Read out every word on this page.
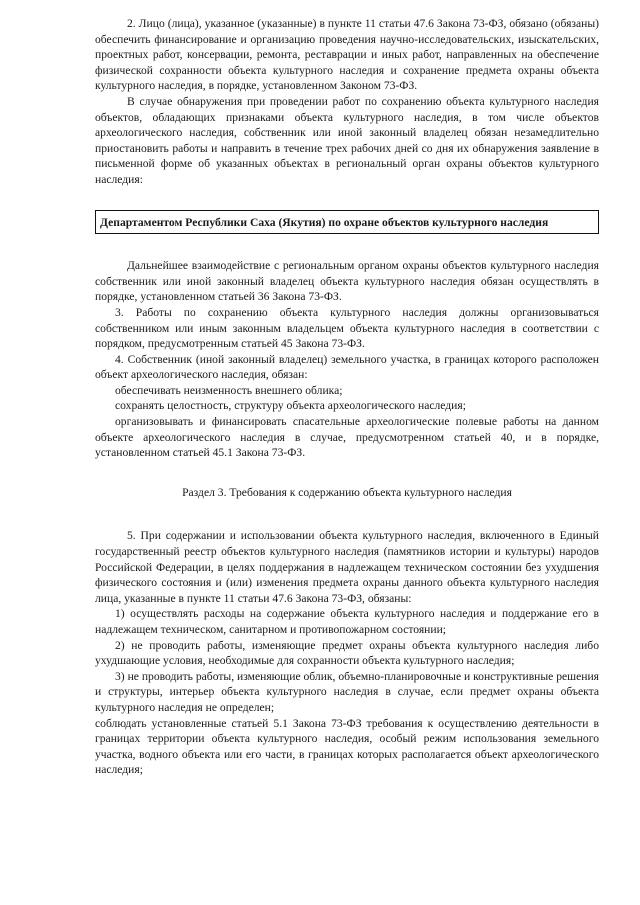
2. Лицо (лица), указанное (указанные) в пункте 11 статьи 47.6 Закона 73-ФЗ, обязано (обязаны) обеспечить финансирование и организацию проведения научно-исследовательских, изыскательских, проектных работ, консервации, ремонта, реставрации и иных работ, направленных на обеспечение физической сохранности объекта культурного наследия и сохранение предмета охраны объекта культурного наследия, в порядке, установленном Законом 73-ФЗ.

В случае обнаружения при проведении работ по сохранению объекта культурного наследия объектов, обладающих признаками объекта культурного наследия, в том числе объектов археологического наследия, собственник или иной законный владелец обязан незамедлительно приостановить работы и направить в течение трех рабочих дней со дня их обнаружения заявление в письменной форме об указанных объектах в региональный орган охраны объектов культурного наследия:

Департаментом Республики Саха (Якутия) по охране объектов культурного наследия

Дальнейшее взаимодействие с региональным органом охраны объектов культурного наследия собственник или иной законный владелец объекта культурного наследия обязан осуществлять в порядке, установленном статьей 36 Закона 73-ФЗ.

3. Работы по сохранению объекта культурного наследия должны организовываться собственником или иным законным владельцем объекта культурного наследия в соответствии с порядком, предусмотренным статьей 45 Закона 73-ФЗ.

4. Собственник (иной законный владелец) земельного участка, в границах которого расположен объект археологического наследия, обязан:

обеспечивать неизменность внешнего облика;

сохранять целостность, структуру объекта археологического наследия;

организовывать и финансировать спасательные археологические полевые работы на данном объекте археологического наследия в случае, предусмотренном статьей 40, и в порядке, установленном статьей 45.1 Закона 73-ФЗ.

Раздел 3. Требования к содержанию объекта культурного наследия

5. При содержании и использовании объекта культурного наследия, включенного в Единый государственный реестр объектов культурного наследия (памятников истории и культуры) народов Российской Федерации, в целях поддержания в надлежащем техническом состоянии без ухудшения физического состояния и (или) изменения предмета охраны данного объекта культурного наследия лица, указанные в пункте 11 статьи 47.6 Закона 73-ФЗ, обязаны:

1) осуществлять расходы на содержание объекта культурного наследия и поддержание его в надлежащем техническом, санитарном и противопожарном состоянии;

2) не проводить работы, изменяющие предмет охраны объекта культурного наследия либо ухудшающие условия, необходимые для сохранности объекта культурного наследия;

3) не проводить работы, изменяющие облик, объемно-планировочные и конструктивные решения и структуры, интерьер объекта культурного наследия в случае, если предмет охраны объекта культурного наследия не определен;

соблюдать установленные статьей 5.1 Закона 73-ФЗ требования к осуществлению деятельности в границах территории объекта культурного наследия, особый режим использования земельного участка, водного объекта или его части, в границах которых располагается объект археологического наследия;
